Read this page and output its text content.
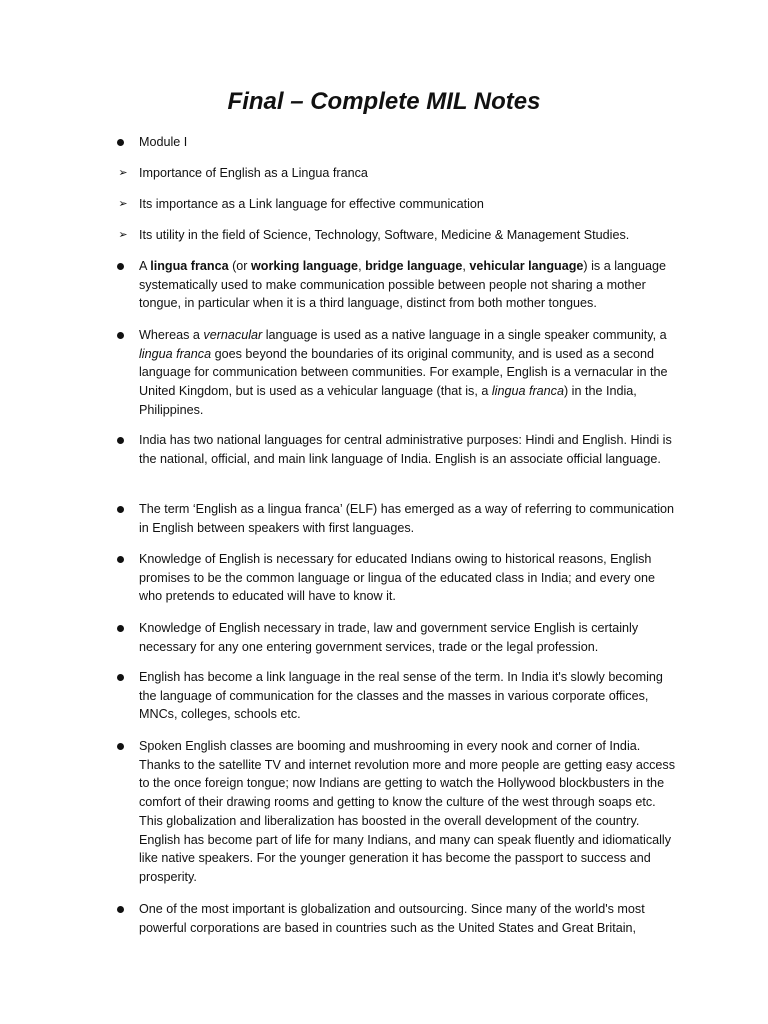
Final – Complete MIL Notes
Module I
➢ Importance of English as a Lingua franca
➢ Its importance as a Link language for effective communication
➢ Its utility in the field of Science, Technology, Software, Medicine & Management Studies.
A lingua franca (or working language, bridge language, vehicular language) is a language systematically used to make communication possible between people not sharing a mother tongue, in particular when it is a third language, distinct from both mother tongues.
Whereas a vernacular language is used as a native language in a single speaker community, a lingua franca goes beyond the boundaries of its original community, and is used as a second language for communication between communities. For example, English is a vernacular in the United Kingdom, but is used as a vehicular language (that is, a lingua franca) in the India, Philippines.
India has two national languages for central administrative purposes: Hindi and English. Hindi is the national, official, and main link language of India. English is an associate official language.
The term ‘English as a lingua franca’ (ELF) has emerged as a way of referring to communication in English between speakers with first languages.
Knowledge of English is necessary for educated Indians owing to historical reasons, English promises to be the common language or lingua of the educated class in India; and every one who pretends to educated will have to know it.
Knowledge of English necessary in trade, law and government service English is certainly necessary for any one entering government services, trade or the legal profession.
English has become a link language in the real sense of the term. In India it's slowly becoming the language of communication for the classes and the masses in various corporate offices, MNCs, colleges, schools etc.
Spoken English classes are booming and mushrooming in every nook and corner of India. Thanks to the satellite TV and internet revolution more and more people are getting easy access to the once foreign tongue; now Indians are getting to watch the Hollywood blockbusters in the comfort of their drawing rooms and getting to know the culture of the west through soaps etc. This globalization and liberalization has boosted in the overall development of the country. English has become part of life for many Indians, and many can speak fluently and idiomatically like native speakers. For the younger generation it has become the passport to success and prosperity.
One of the most important is globalization and outsourcing. Since many of the world's most powerful corporations are based in countries such as the United States and Great Britain,
